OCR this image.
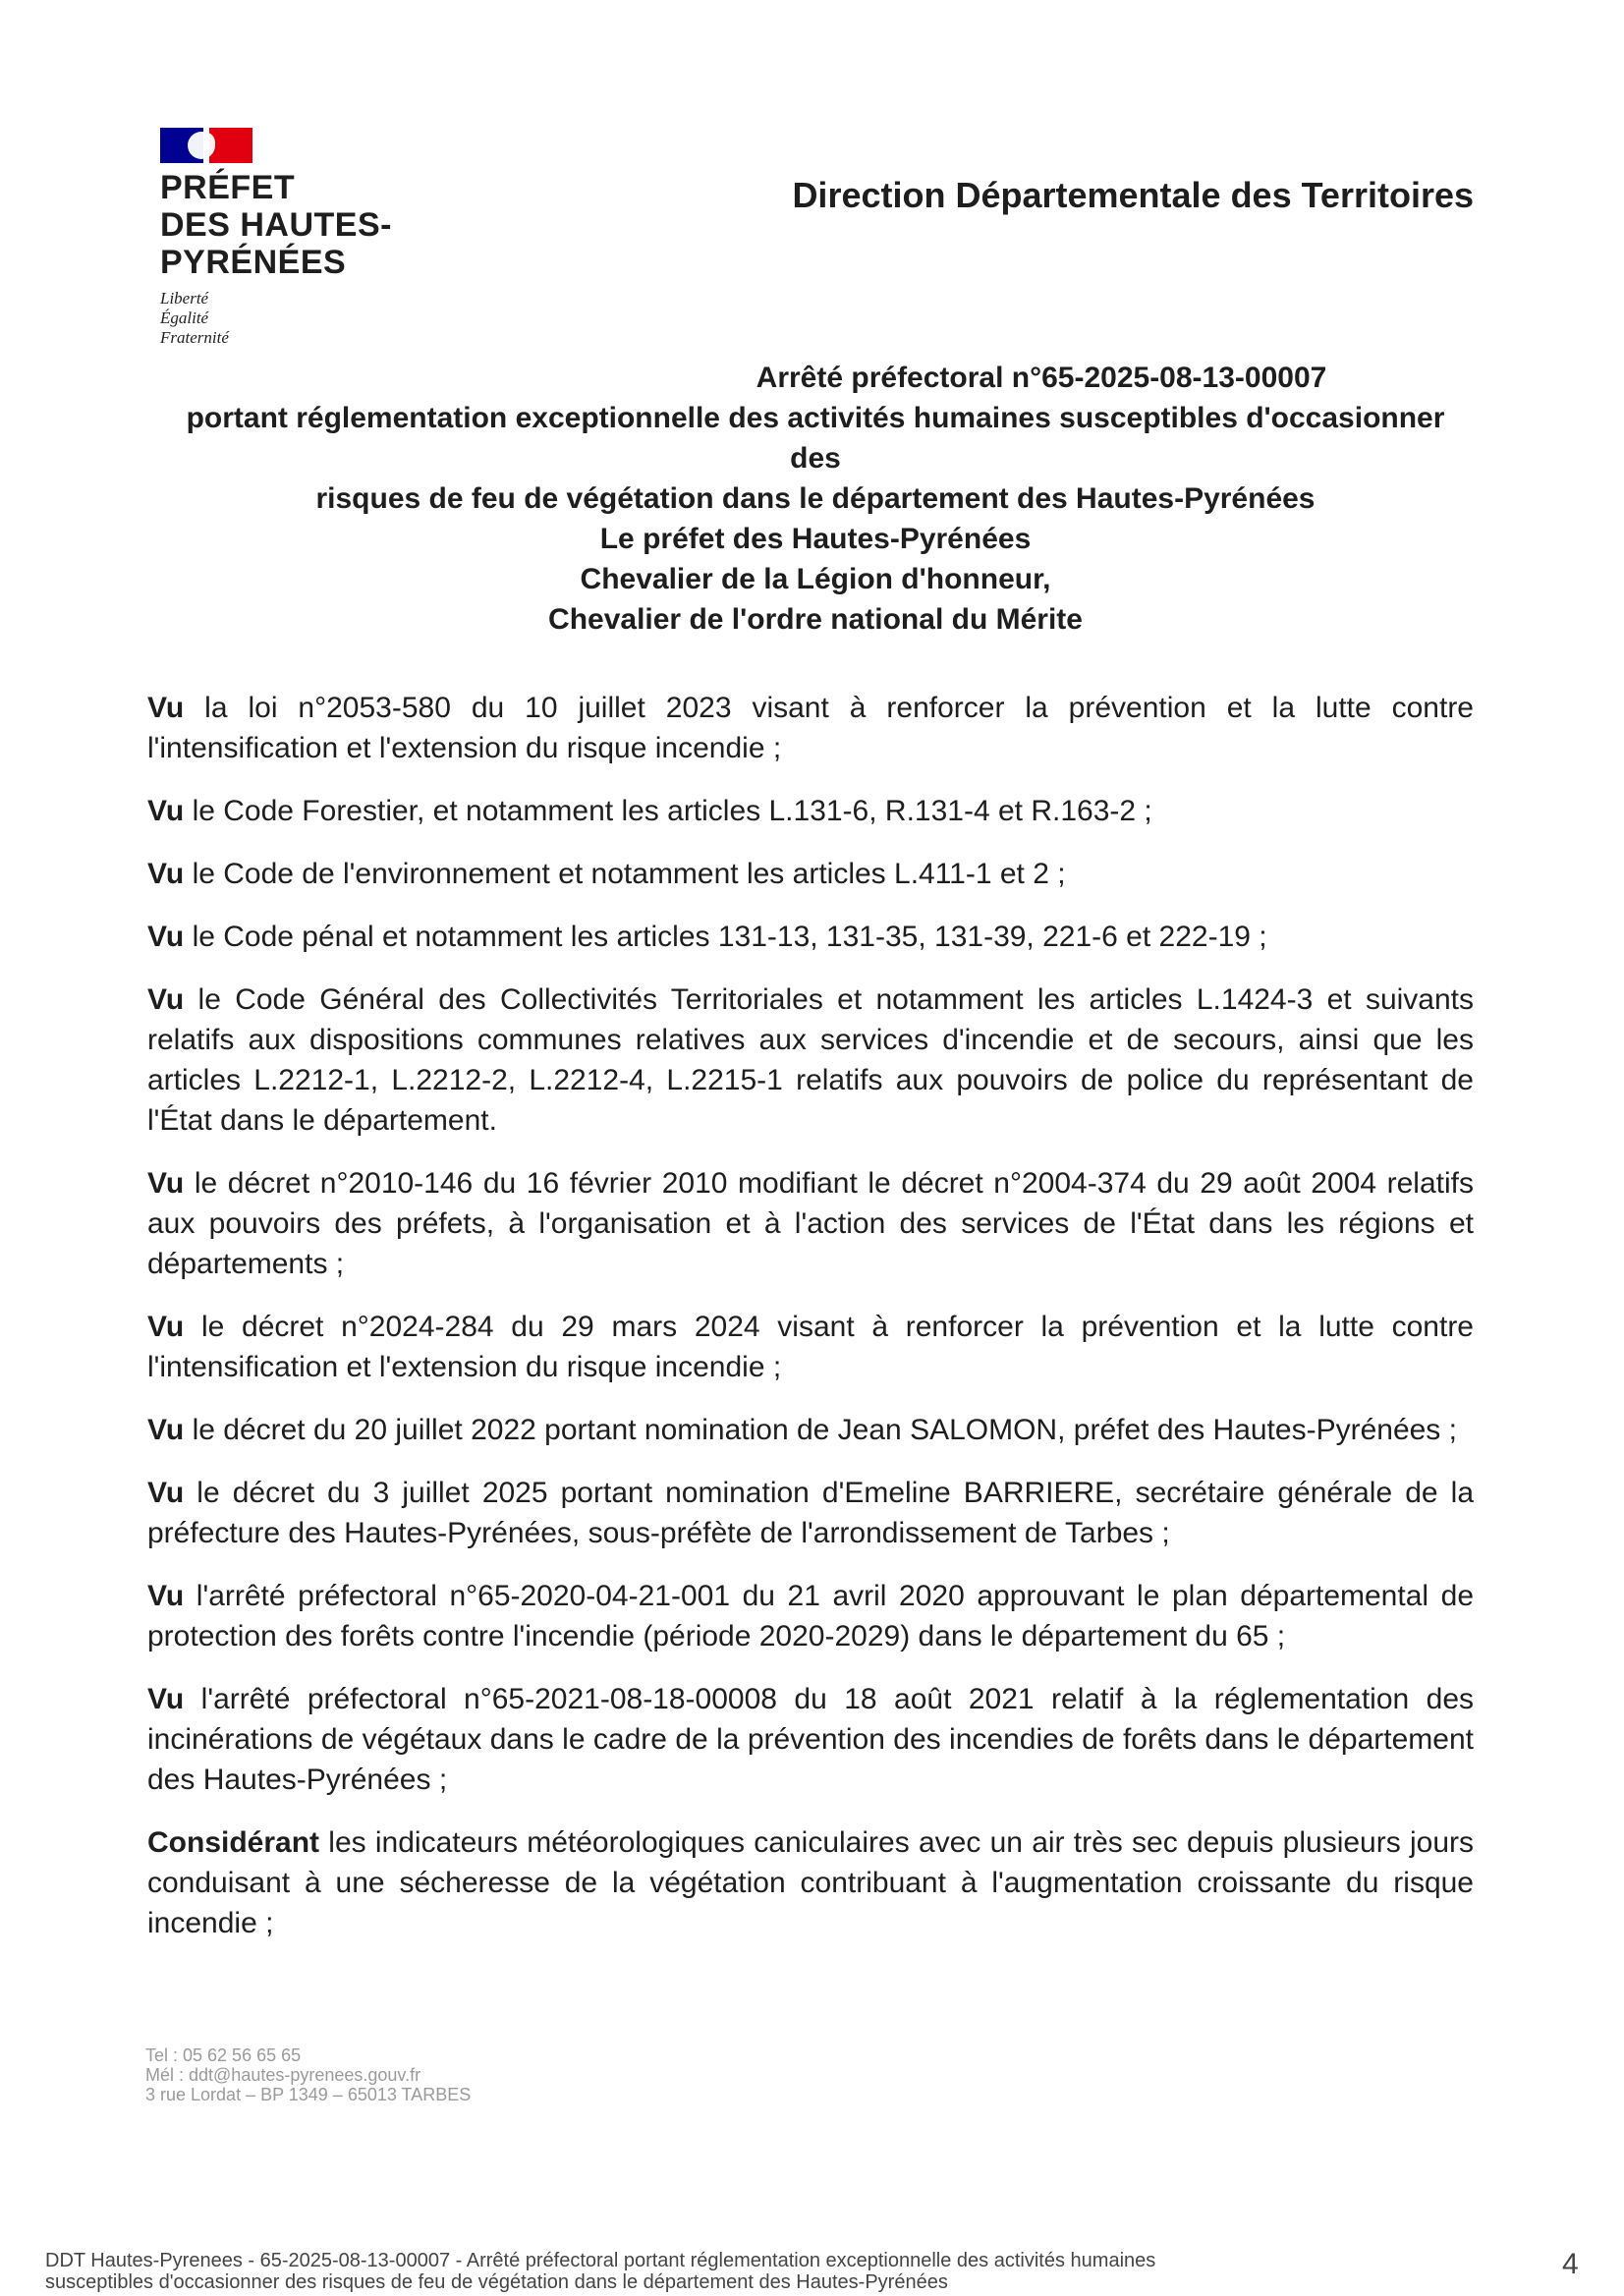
PRÉFET
DES HAUTES-
PYRÉNÉES
Liberté
Égalité
Fraternité
Direction Départementale des Territoires
Arrêté préfectoral n°65-2025-08-13-00007
portant réglementation exceptionnelle des activités humaines susceptibles d'occasionner des
risques de feu de végétation dans le département des Hautes-Pyrénées
Le préfet des Hautes-Pyrénées
Chevalier de la Légion d'honneur,
Chevalier de l'ordre national du Mérite

Vu la loi n°2053-580 du 10 juillet 2023 visant à renforcer la prévention et la lutte contre l'intensification et l'extension du risque incendie ;

Vu le Code Forestier, et notamment les articles L.131-6, R.131-4 et R.163-2 ;

Vu le Code de l'environnement et notamment les articles L.411-1 et 2 ;

Vu le Code pénal et notamment les articles 131-13, 131-35, 131-39, 221-6 et 222-19 ;

Vu le Code Général des Collectivités Territoriales et notamment les articles L.1424-3 et suivants relatifs aux dispositions communes relatives aux services d'incendie et de secours, ainsi que les articles L.2212-1, L.2212-2, L.2212-4, L.2215-1 relatifs aux pouvoirs de police du représentant de l'État dans le département.

Vu le décret n°2010-146 du 16 février 2010 modifiant le décret n°2004-374 du 29 août 2004 relatifs aux pouvoirs des préfets, à l'organisation et à l'action des services de l'État dans les régions et départements ;

Vu le décret n°2024-284 du 29 mars 2024 visant à renforcer la prévention et la lutte contre l'intensification et l'extension du risque incendie ;

Vu le décret du 20 juillet 2022 portant nomination de Jean SALOMON, préfet des Hautes-Pyrénées ;

Vu le décret du 3 juillet 2025 portant nomination d'Emeline BARRIERE, secrétaire générale de la préfecture des Hautes-Pyrénées, sous-préfète de l'arrondissement de Tarbes ;

Vu l'arrêté préfectoral n°65-2020-04-21-001 du 21 avril 2020 approuvant le plan départemental de protection des forêts contre l'incendie (période 2020-2029) dans le département du 65 ;

Vu l'arrêté préfectoral n°65-2021-08-18-00008 du 18 août 2021 relatif à la réglementation des incinérations de végétaux dans le cadre de la prévention des incendies de forêts dans le département des Hautes-Pyrénées ;

Considérant les indicateurs météorologiques caniculaires avec un air très sec depuis plusieurs jours conduisant à une sécheresse de la végétation contribuant à l'augmentation croissante du risque incendie ;

Tel : 05 62 56 65 65
Mél : ddt@hautes-pyrenees.gouv.fr
3 rue Lordat – BP 1349 – 65013 TARBES
DDT Hautes-Pyrenees - 65-2025-08-13-00007 - Arrêté préfectoral portant réglementation exceptionnelle des activités humaines
susceptibles d'occasionner des risques de feu de végétation dans le département des Hautes-Pyrénées
4
